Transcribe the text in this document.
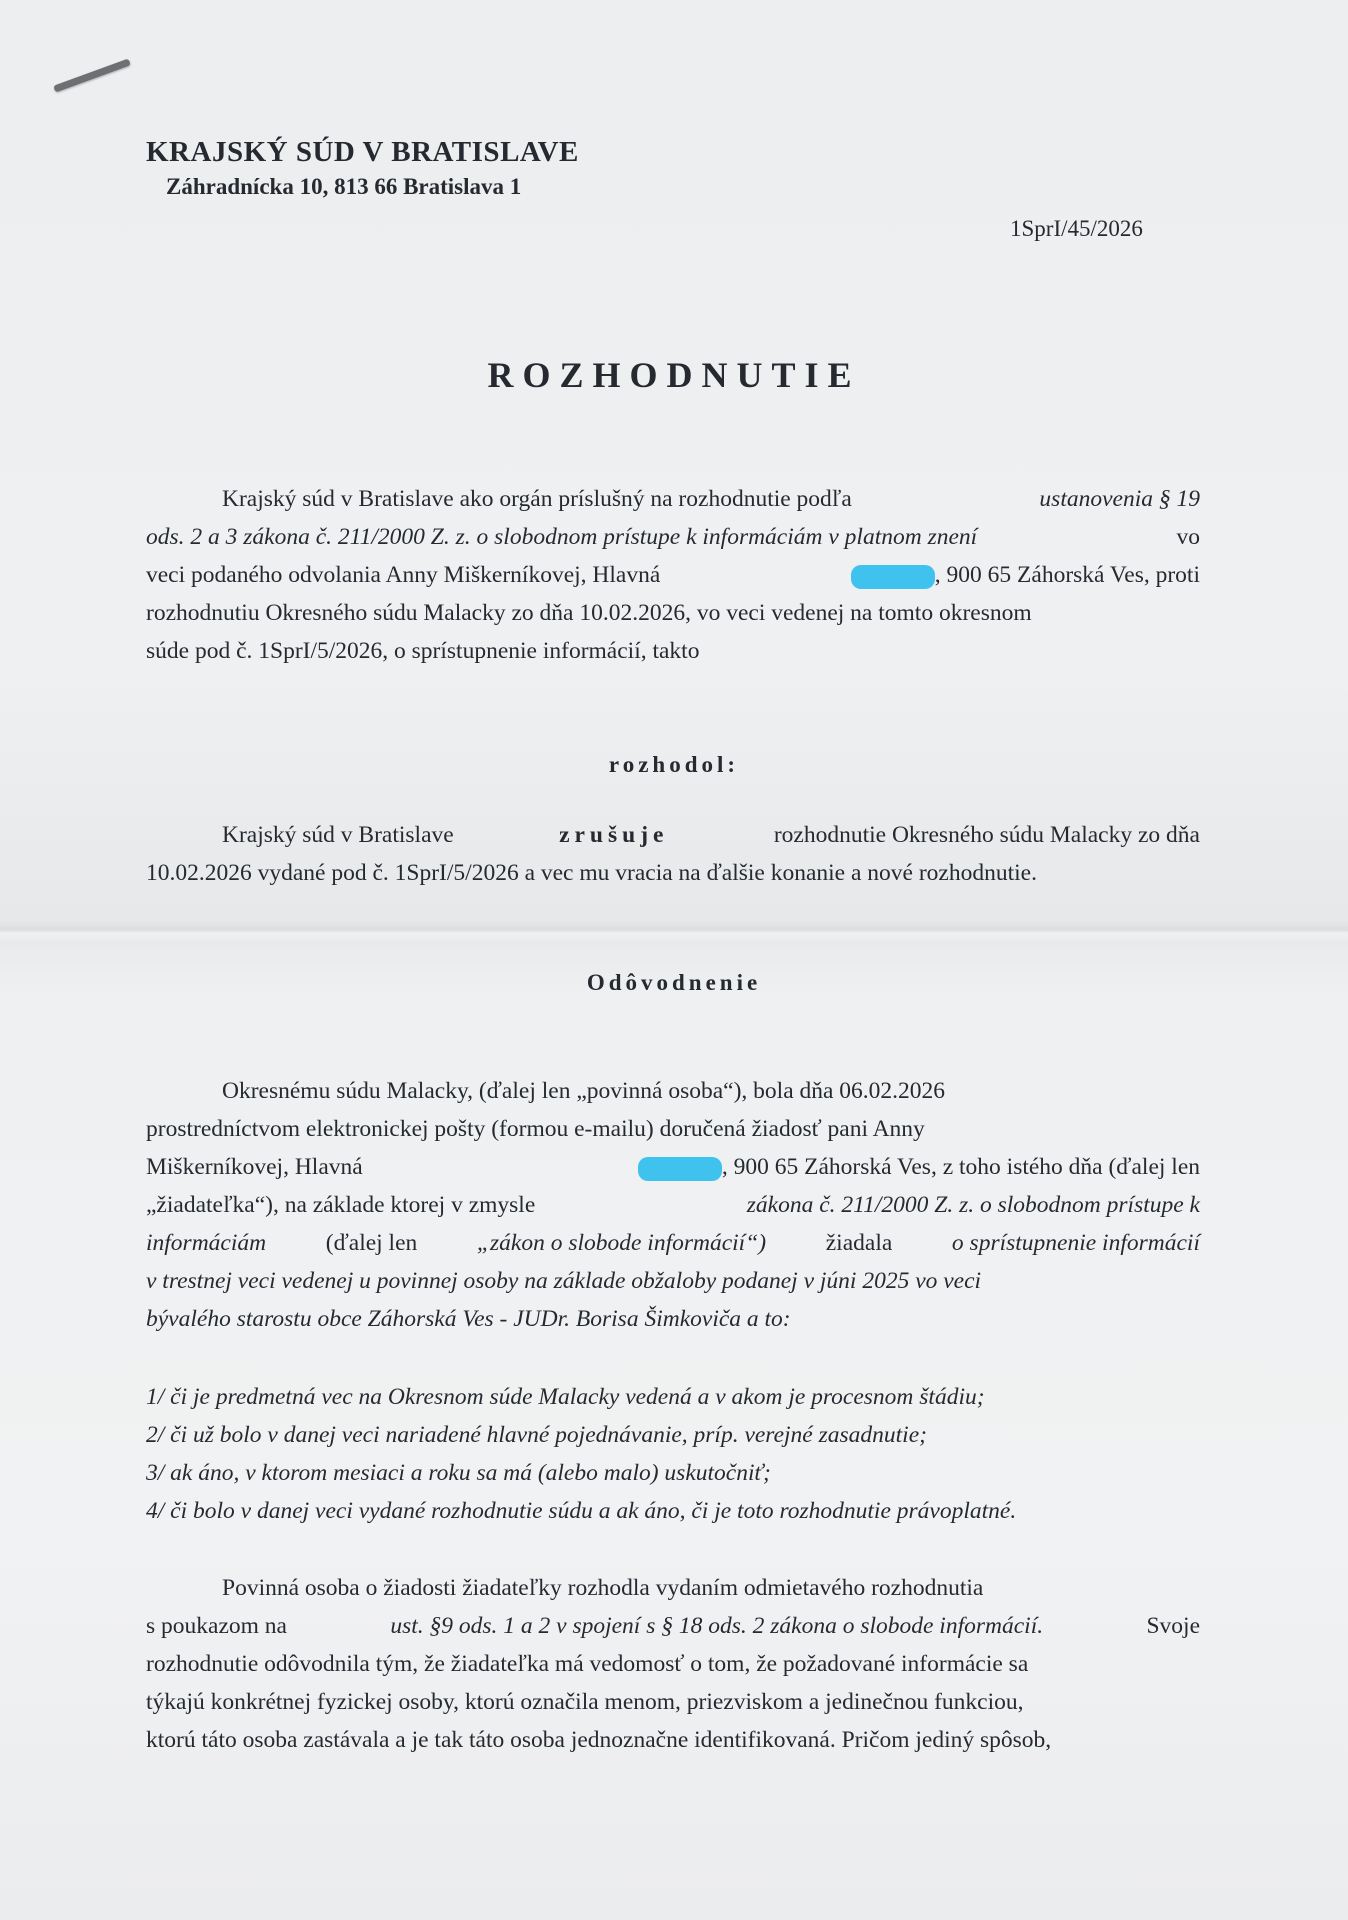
KRAJSKÝ SÚD V BRATISLAVE
Záhradnícka 10, 813 66 Bratislava 1
1SprI/45/2026
ROZHODNUTIE
Krajský súd v Bratislave ako orgán príslušný na rozhodnutie podľa	ustanovenia § 19
ods. 2 a 3 zákona č. 211/2000 Z. z. o slobodnom prístupe k informáciám v platnom znení	vo
veci podaného odvolania Anny Miškerníkovej, Hlavná	, 900 65 Záhorská Ves, proti
rozhodnutiu Okresného súdu Malacky zo dňa 10.02.2026, vo veci vedenej na tomto okresnom
súde pod č. 1SprI/5/2026, o sprístupnenie informácií, takto
rozhodol:
Krajský súd v Bratislave	zrušuje	rozhodnutie Okresného súdu Malacky zo dňa
10.02.2026 vydané pod č. 1SprI/5/2026 a vec mu vracia na ďalšie konanie a nové rozhodnutie.
Odôvodnenie
Okresnému súdu Malacky, (ďalej len „povinná osoba“), bola dňa 06.02.2026
prostredníctvom elektronickej pošty (formou e-mailu) doručená žiadosť pani Anny
Miškerníkovej, Hlavná	, 900 65 Záhorská Ves, z toho istého dňa (ďalej len
„žiadateľka“), na základe ktorej v zmysle	zákona č. 211/2000 Z. z. o slobodnom prístupe k
informáciám	(ďalej len	„zákon o slobode informácií“)	žiadala	o sprístupnenie informácií
v trestnej veci vedenej u povinnej osoby na základe obžaloby podanej v júni 2025 vo veci
bývalého starostu obce Záhorská Ves - JUDr. Borisa Šimkoviča a to:
1/ či je predmetná vec na Okresnom súde Malacky vedená a v akom je procesnom štádiu;
2/ či už bolo v danej veci nariadené hlavné pojednávanie, príp. verejné zasadnutie;
3/ ak áno, v ktorom mesiaci a roku sa má (alebo malo) uskutočniť;
4/ či bolo v danej veci vydané rozhodnutie súdu a ak áno, či je toto rozhodnutie právoplatné.
Povinná osoba o žiadosti žiadateľky rozhodla vydaním odmietavého rozhodnutia
s poukazom na	ust. §9 ods. 1 a 2 v spojení s § 18 ods. 2 zákona o slobode informácií.	Svoje
rozhodnutie odôvodnila tým, že žiadateľka má vedomosť o tom, že požadované informácie sa
týkajú konkrétnej fyzickej osoby, ktorú označila menom, priezviskom a jedinečnou funkciou,
ktorú táto osoba zastávala a je tak táto osoba jednoznačne identifikovaná. Pričom jediný spôsob,
